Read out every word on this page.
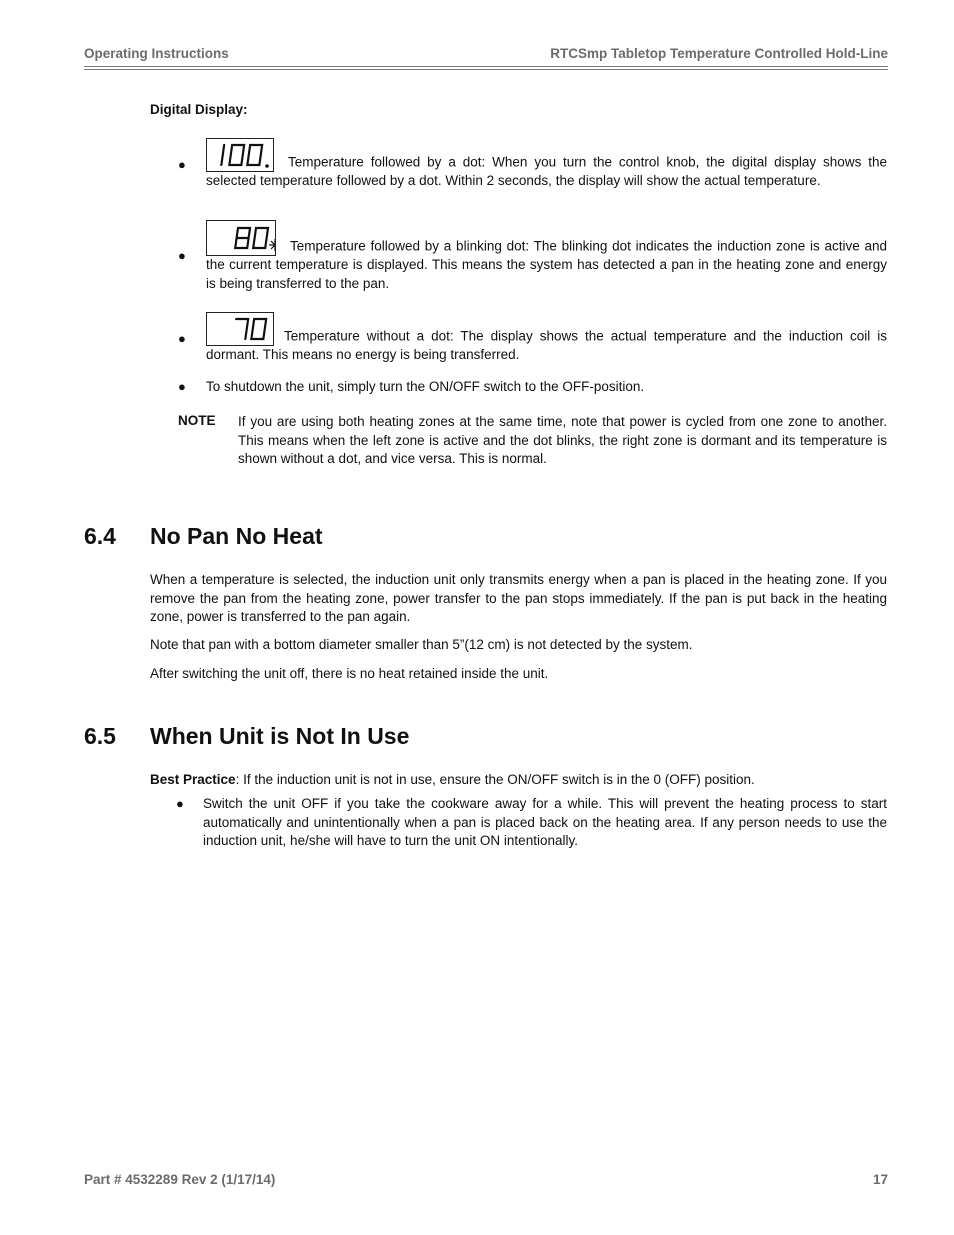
Operating Instructions	RTCSmp Tabletop Temperature Controlled Hold-Line
Digital Display:
●	Temperature followed by a dot: When you turn the control knob, the digital display shows the selected temperature followed by a dot. Within 2 seconds, the display will show the actual temperature.
●
Temperature followed by a blinking dot: The blinking dot indicates the induction zone is active and the current temperature is displayed. This means the system has detected a pan in the heating zone and energy is being transferred to the pan.
●	Temperature without a dot: The display shows the actual temperature and the induction coil is dormant. This means no energy is being transferred.
● To shutdown the unit, simply turn the ON/OFF switch to the OFF-position.
NOTE If you are using both heating zones at the same time, note that power is cycled from one zone to another. This means when the left zone is active and the dot blinks, the right zone is dormant and its temperature is shown without a dot, and vice versa. This is normal.
6.4 No Pan No Heat
When a temperature is selected, the induction unit only transmits energy when a pan is placed in the heating zone. If you remove the pan from the heating zone, power transfer to the pan stops immediately. If the pan is put back in the heating zone, power is transferred to the pan again.
Note that pan with a bottom diameter smaller than 5”(12 cm) is not detected by the system.
After switching the unit off, there is no heat retained inside the unit.
6.5 When Unit is Not In Use
Best Practice: If the induction unit is not in use, ensure the ON/OFF switch is in the 0 (OFF) position.
● Switch the unit OFF if you take the cookware away for a while. This will prevent the heating process to start automatically and unintentionally when a pan is placed back on the heating area. If any person needs to use the induction unit, he/she will have to turn the unit ON intentionally.
Part # 4532289 Rev 2 (1/17/14)	17
